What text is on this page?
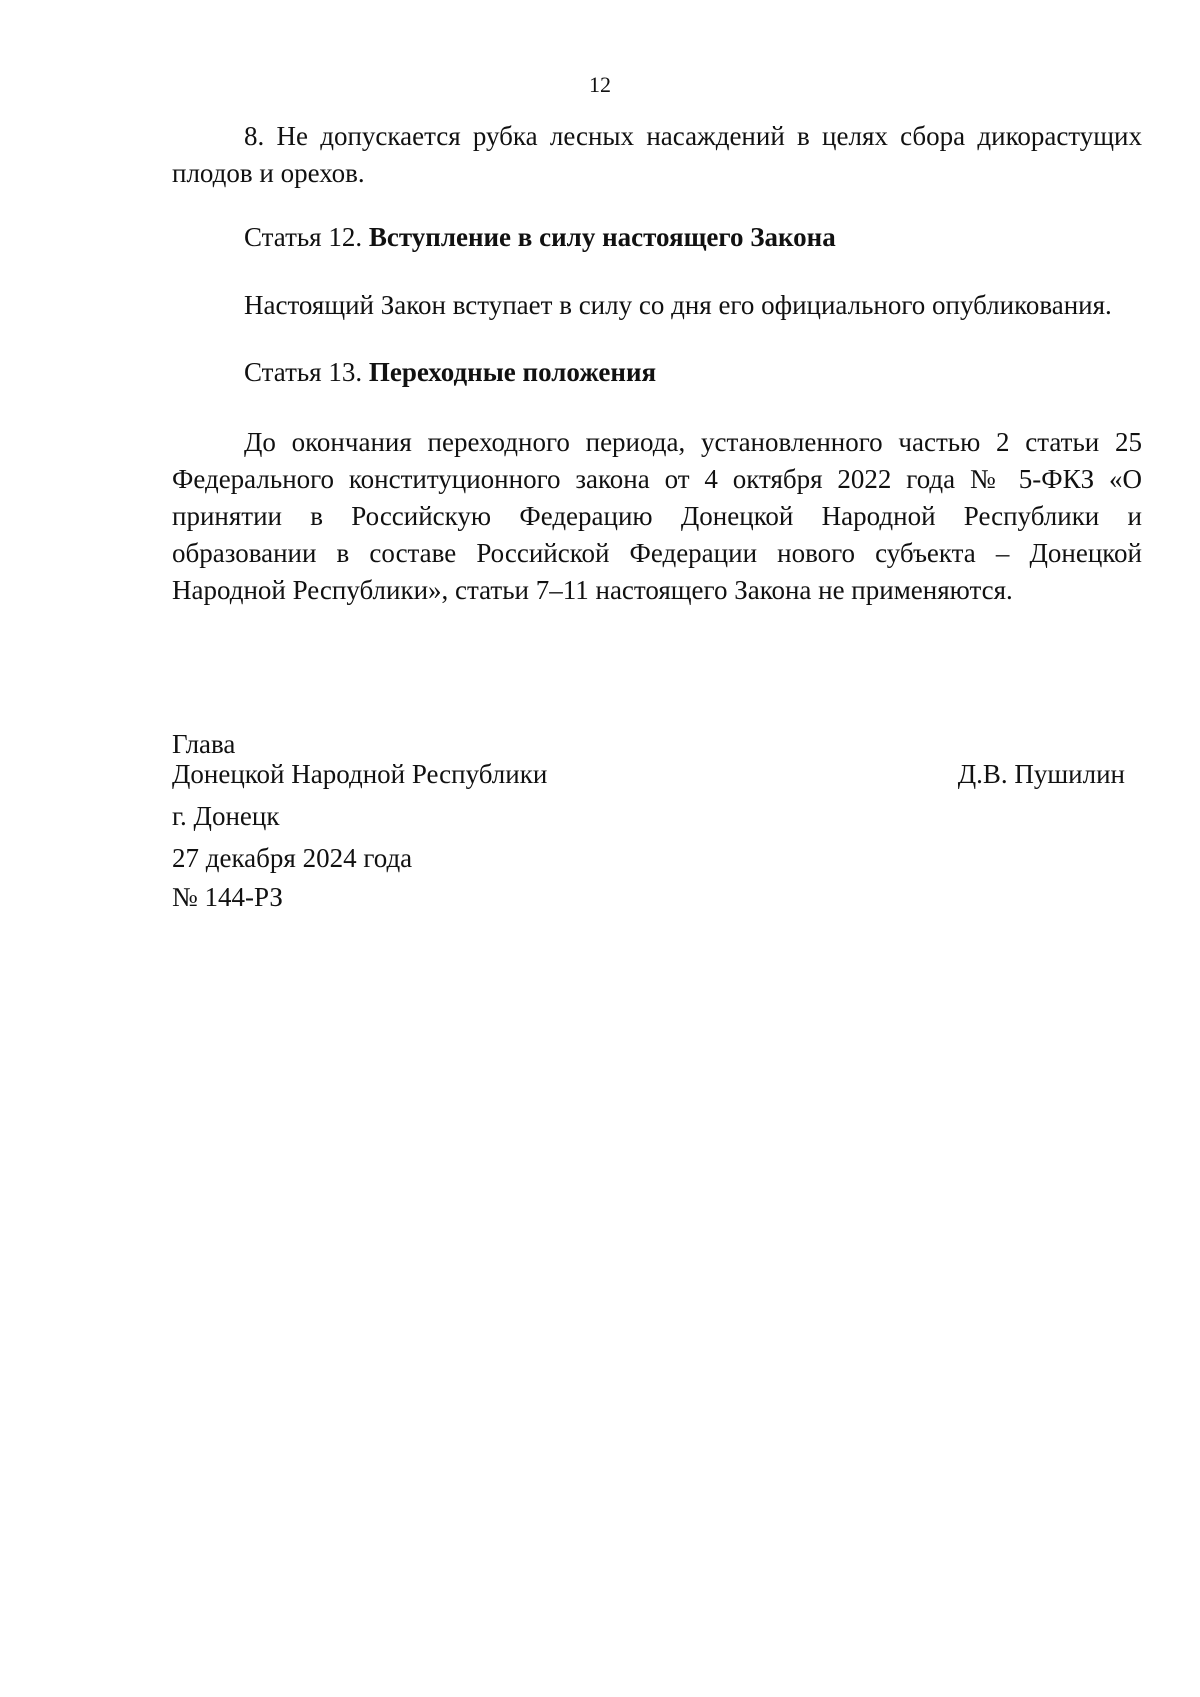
12
8. Не допускается рубка лесных насаждений в целях сбора дикорастущих плодов и орехов.
Статья 12. Вступление в силу настоящего Закона
Настоящий Закон вступает в силу со дня его официального опубликования.
Статья 13. Переходные положения
До окончания переходного периода, установленного частью 2 статьи 25 Федерального конституционного закона от 4 октября 2022 года № 5-ФКЗ «О принятии в Российскую Федерацию Донецкой Народной Республики и образовании в составе Российской Федерации нового субъекта – Донецкой Народной Республики», статьи 7–11 настоящего Закона не применяются.
Глава
Донецкой Народной Республики	Д.В. Пушилин
г. Донецк
27 декабря 2024 года
№ 144-РЗ
